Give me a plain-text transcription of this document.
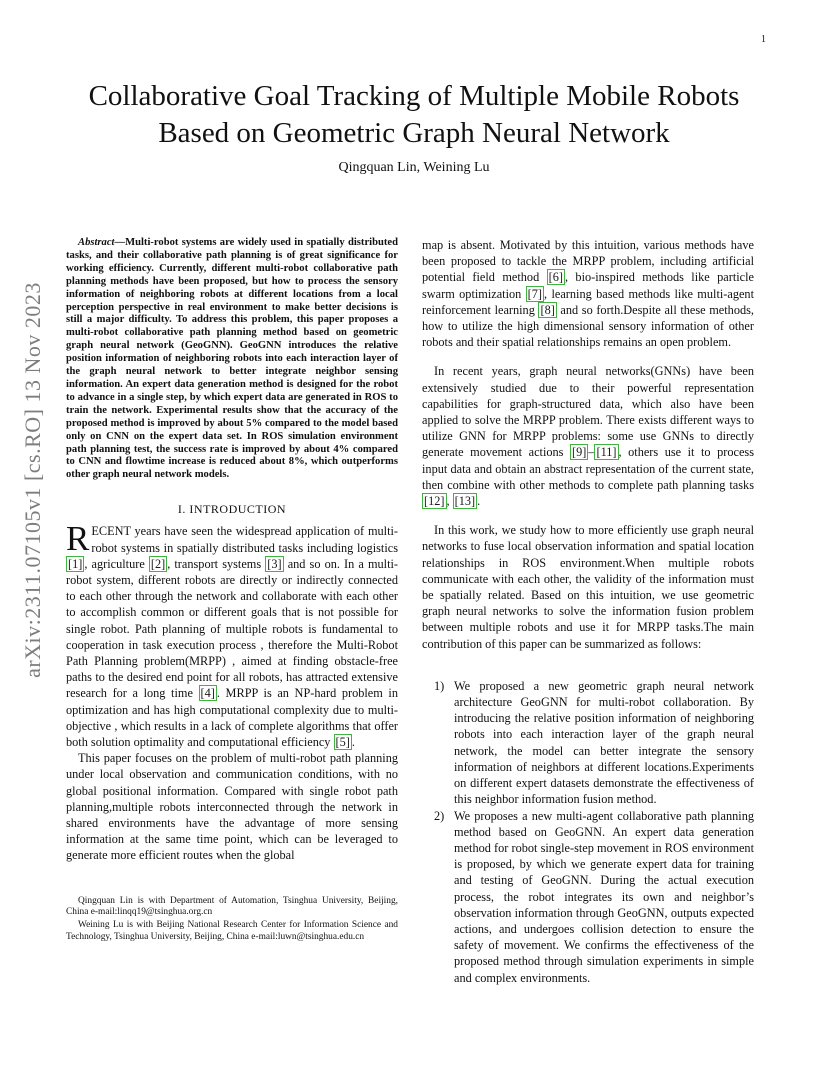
1
arXiv:2311.07105v1 [cs.RO] 13 Nov 2023
Collaborative Goal Tracking of Multiple Mobile Robots Based on Geometric Graph Neural Network
Qingquan Lin, Weining Lu

Abstract—Multi-robot systems are widely used in spatially distributed tasks, and their collaborative path planning is of great significance for working efficiency. Currently, different multi-robot collaborative path planning methods have been proposed, but how to process the sensory information of neighboring robots at different locations from a local perception perspective in real environment to make better decisions is still a major difficulty. To address this problem, this paper proposes a multi-robot collaborative path planning method based on geometric graph neural network (GeoGNN). GeoGNN introduces the relative position information of neighboring robots into each interaction layer of the graph neural network to better integrate neighbor sensing information. An expert data generation method is designed for the robot to advance in a single step, by which expert data are generated in ROS to train the network. Experimental results show that the accuracy of the proposed method is improved by about 5% compared to the model based only on CNN on the expert data set. In ROS simulation environment path planning test, the success rate is improved by about 4% compared to CNN and flowtime increase is reduced about 8%, which outperforms other graph neural network models.

I. INTRODUCTION

RECENT years have seen the widespread application of multi-robot systems in spatially distributed tasks including logistics [1] , agriculture [2] , transport systems [3] and so on. In a multi-robot system, different robots are directly or indirectly connected to each other through the network and collaborate with each other to accomplish common or different goals that is not possible for single robot. Path planning of multiple robots is fundamental to cooperation in task execution process , therefore the Multi-Robot Path Planning problem(MRPP) , aimed at finding obstacle-free paths to the desired end point for all robots, has attracted extensive research for a long time [4] . MRPP is an NP-hard problem in optimization and has high computational complexity due to multi-objective , which results in a lack of complete algorithms that offer both solution optimality and computational efficiency [5] .

This paper focuses on the problem of multi-robot path planning under local observation and communication conditions, with no global positional information. Compared with single robot path planning,multiple robots interconnected through the network in shared environments have the advantage of more sensing information at the same time point, which can be leveraged to generate more efficient routes when the global

Qingquan Lin is with Department of Automation, Tsinghua University, Beijing, China e-mail:linqq19@tsinghua.org.cn

Weining Lu is with Beijing National Research Center for Information Science and Technology, Tsinghua University, Beijing, China e-mail:luwn@tsinghua.edu.cn

map is absent. Motivated by this intuition, various methods have been proposed to tackle the MRPP problem, including artificial potential field method [6] , bio-inspired methods like particle swarm optimization [7] , learning based methods like multi-agent reinforcement learning [8] and so forth.Despite all these methods, how to utilize the high dimensional sensory information of other robots and their spatial relationships remains an open problem.

In recent years, graph neural networks(GNNs) have been extensively studied due to their powerful representation capabilities for graph-structured data, which also have been applied to solve the MRPP problem. There exists different ways to utilize GNN for MRPP problems: some use GNNs to directly generate movement actions [9] – [11] , others use it to process input data and obtain an abstract representation of the current state, then combine with other methods to complete path planning tasks [12] , [13] .

In this work, we study how to more efficiently use graph neural networks to fuse local observation information and spatial location relationships in ROS environment.When multiple robots communicate with each other, the validity of the information must be spatially related. Based on this intuition, we use geometric graph neural networks to solve the information fusion problem between multiple robots and use it for MRPP tasks.The main contribution of this paper can be summarized as follows:

1) We proposed a new geometric graph neural network architecture GeoGNN for multi-robot collaboration. By introducing the relative position information of neighboring robots into each interaction layer of the graph neural network, the model can better integrate the sensory information of neighbors at different locations.Experiments on different expert datasets demonstrate the effectiveness of this neighbor information fusion method.
2) We proposes a new multi-agent collaborative path planning method based on GeoGNN. An expert data generation method for robot single-step movement in ROS environment is proposed, by which we generate expert data for training and testing of GeoGNN. During the actual execution process, the robot integrates its own and neighbor’s observation information through GeoGNN, outputs expected actions, and undergoes collision detection to ensure the safety of movement. We confirms the effectiveness of the proposed method through simulation experiments in simple and complex environments.
